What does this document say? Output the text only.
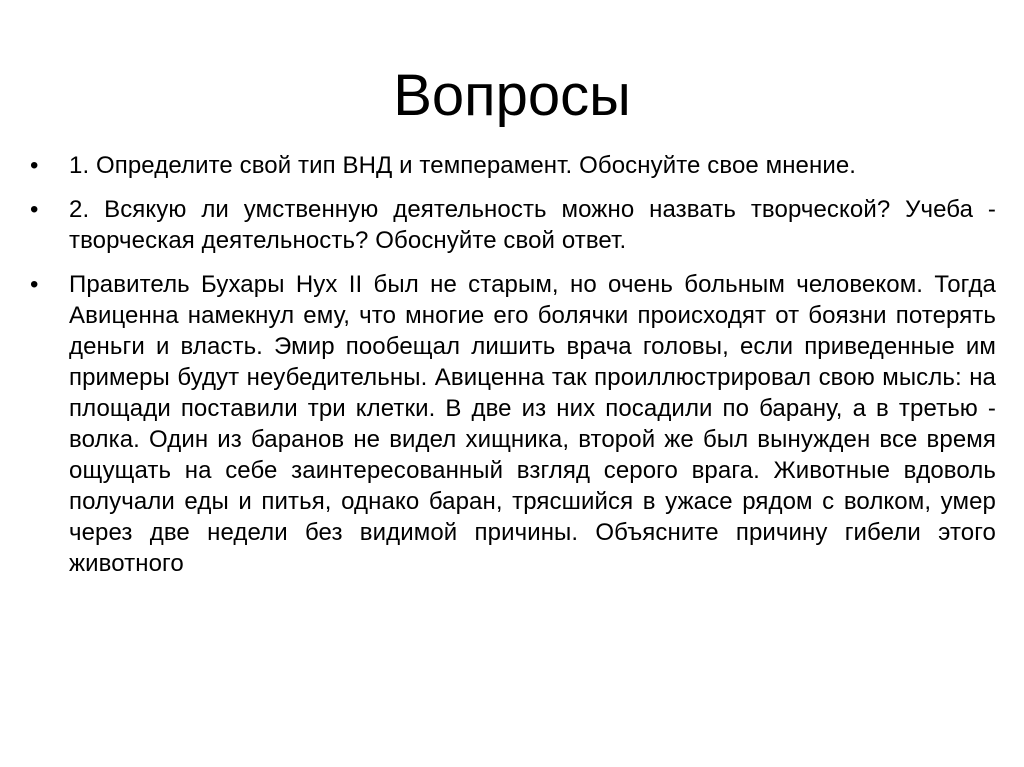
Вопросы
•	1. Определите свой тип ВНД и темперамент. Обоснуйте свое мнение.
•	2. Всякую ли умственную деятельность можно назвать творческой? Учеба - творческая деятельность? Обоснуйте свой ответ.
•	Правитель Бухары Нух II был не старым, но очень больным человеком. Тогда Авиценна намекнул ему, что многие его болячки происходят от боязни потерять деньги и власть. Эмир пообещал лишить врача головы, если приведенные им примеры будут неубедительны. Авиценна так проиллюстрировал свою мысль: на площади поставили три клетки. В две из них посадили по барану, а в третью - волка. Один из баранов не видел хищника, второй же был вынужден все время ощущать на себе заинтересованный взгляд серого врага. Животные вдоволь получали еды и питья, однако баран, трясшийся в ужасе рядом с волком, умер через две недели без видимой причины. Объясните причину гибели этого животного
